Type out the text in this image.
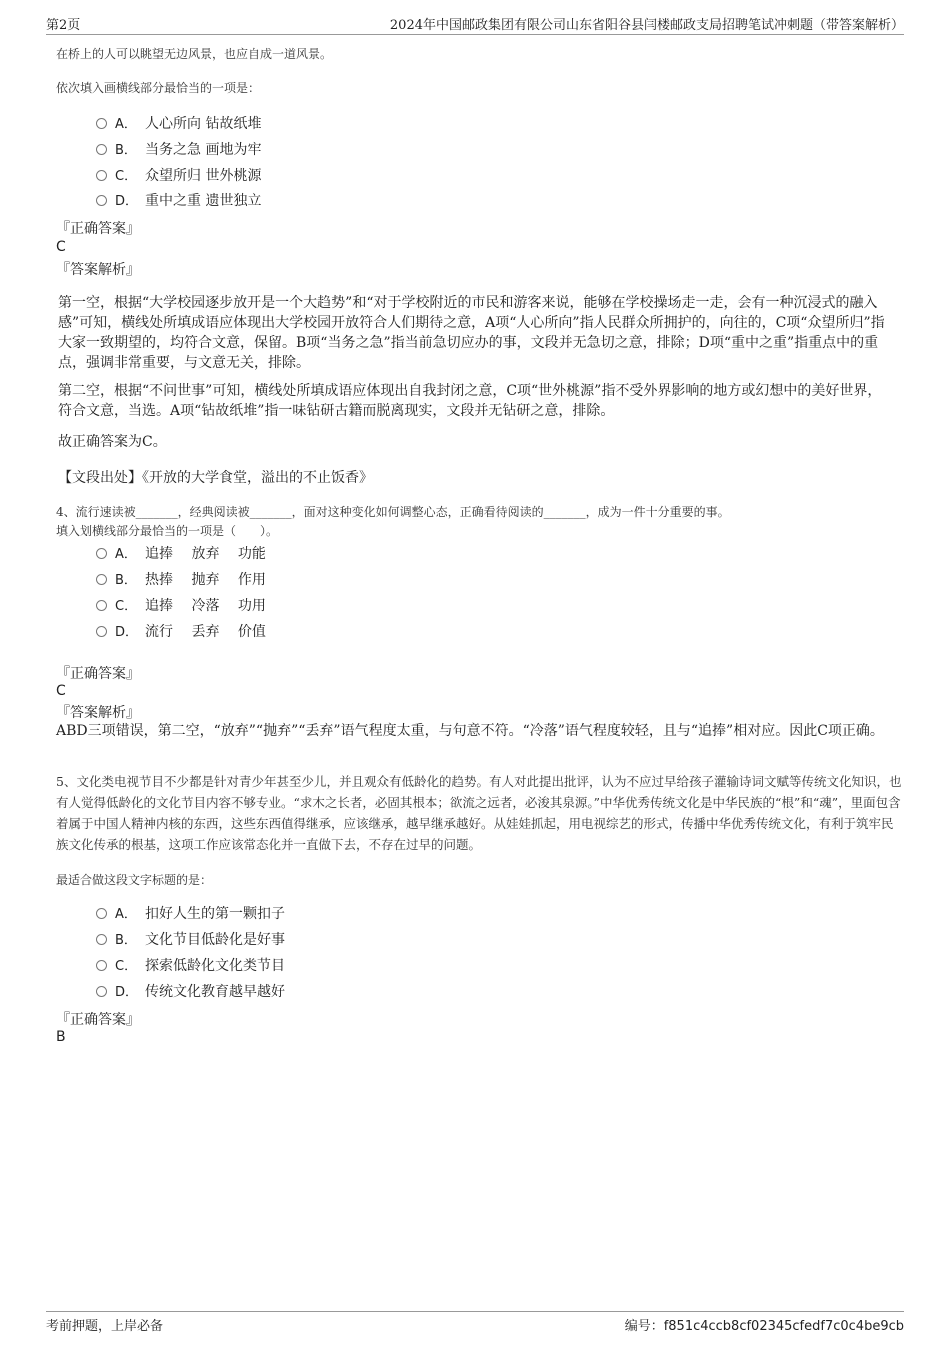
第2页	2024年中国邮政集团有限公司山东省阳谷县闫楼邮政支局招聘笔试冲刺题（带答案解析）
在桥上的人可以眺望无边风景，也应自成一道风景。
依次填入画横线部分最恰当的一项是：
A． 人心所向 钻故纸堆
B． 当务之急 画地为牢
C． 众望所归 世外桃源
D． 重中之重 遗世独立
『正确答案』
C
『答案解析』
第一空，根据“大学校园逐步放开是一个大趋势”和“对于学校附近的市民和游客来说，能够在学校操场走一走，会有一种沉浸式的融入感”可知，横线处所填成语应体现出大学校园开放符合人们期待之意，A项“人心所向”指人民群众所拥护的，向往的，C项“众望所归”指大家一致期望的，均符合文意，保留。B项“当务之急”指当前急切应办的事，文段并无急切之意，排除；D项“重中之重”指重点中的重点，强调非常重要，与文意无关，排除。
第二空，根据“不问世事”可知，横线处所填成语应体现出自我封闭之意，C项“世外桃源”指不受外界影响的地方或幻想中的美好世界，符合文意，当选。A项“钻故纸堆”指一味钻研古籍而脱离现实，文段并无钻研之意，排除。
故正确答案为C。
【文段出处】《开放的大学食堂，溢出的不止饭香》
4、流行速读被_______，经典阅读被_______，面对这种变化如何调整心态，正确看待阅读的_______，成为一件十分重要的事。
填入划横线部分最恰当的一项是（　　）。
A． 追捧　 放弃　 功能
B． 热捧　 抛弃　 作用
C． 追捧　 冷落　 功用
D． 流行　 丢弃　 价值
『正确答案』
C
『答案解析』
ABD三项错误，第二空，“放弃”“抛弃”“丢弃”语气程度太重，与句意不符。“冷落”语气程度较轻，且与“追捧”相对应。因此C项正确。
5、文化类电视节目不少都是针对青少年甚至少儿，并且观众有低龄化的趋势。有人对此提出批评，认为不应过早给孩子灌输诗词文赋等传统文化知识，也有人觉得低龄化的文化节目内容不够专业。“求木之长者，必固其根本；欲流之远者，必浚其泉源。”中华优秀传统文化是中华民族的“根”和“魂”，里面包含着属于中国人精神内核的东西，这些东西值得继承，应该继承，越早继承越好。从娃娃抓起，用电视综艺的形式，传播中华优秀传统文化，有利于筑牢民族文化传承的根基，这项工作应该常态化并一直做下去，不存在过早的问题。
最适合做这段文字标题的是：
A． 扣好人生的第一颗扣子
B． 文化节目低龄化是好事
C． 探索低龄化文化类节目
D． 传统文化教育越早越好
『正确答案』
B
考前押题，上岸必备	编号：f851c4ccb8cf02345cfedf7c0c4be9cb
